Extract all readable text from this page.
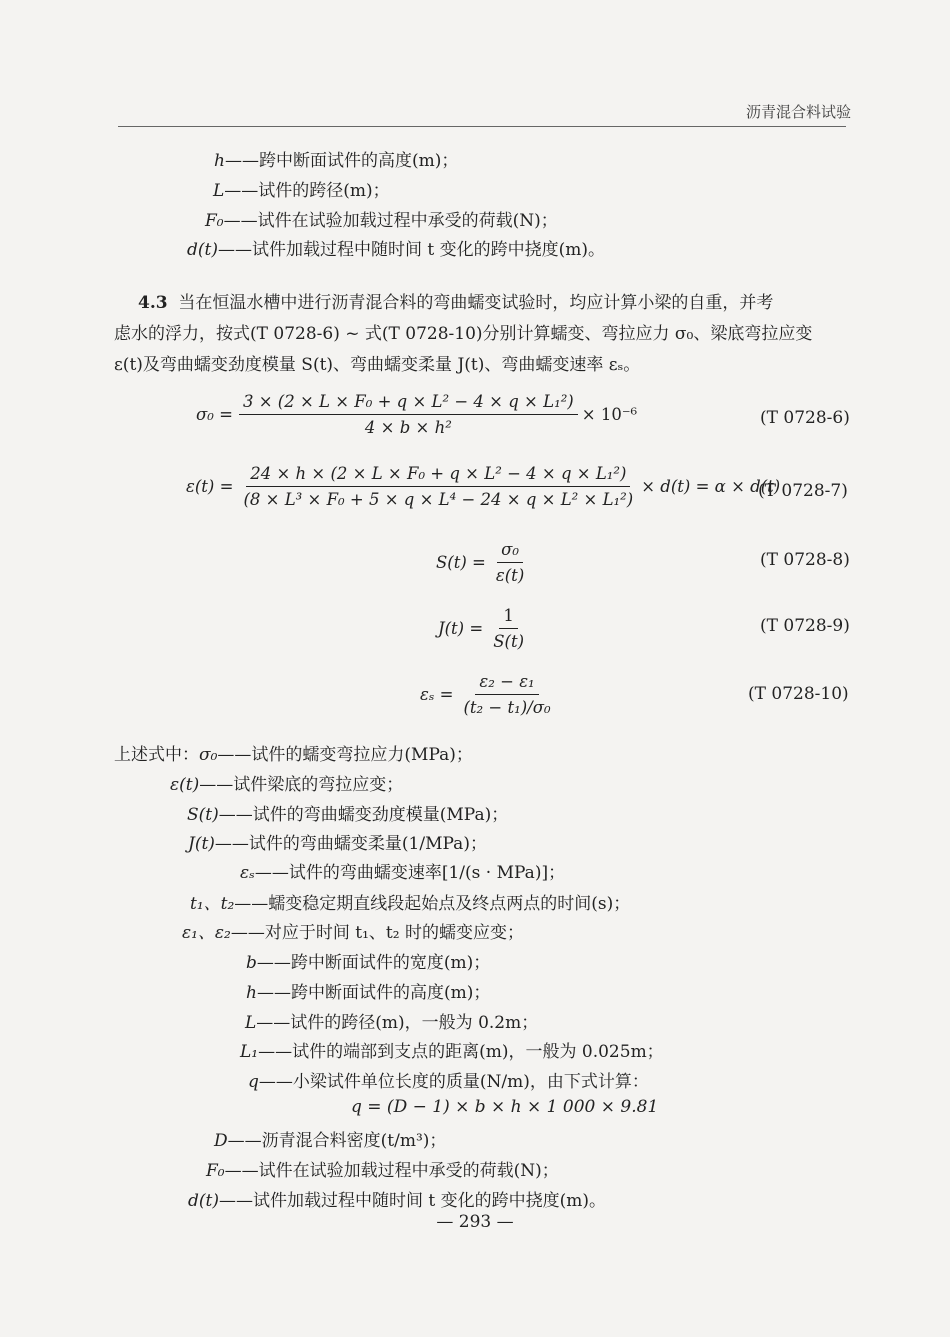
沥青混合料试验
h——跨中断面试件的高度(m)；
L——试件的跨径(m)；
F₀——试件在试验加载过程中承受的荷载(N)；
d(t)——试件加载过程中随时间 t 变化的跨中挠度(m)。
4.3 当在恒温水槽中进行沥青混合料的弯曲蠕变试验时，均应计算小梁的自重，并考
虑水的浮力，按式(T 0728-6) ~ 式(T 0728-10)分别计算蠕变、弯拉应力 σ₀、梁底弯拉应变
ε(t)及弯曲蠕变劲度模量 S(t)、弯曲蠕变柔量 J(t)、弯曲蠕变速率 εₛ。
$\sigma_0 = \frac{\text{3 × (2 × L × F₀ + q × L² − 4 × q × L₁²)}}{\text{4 × b × h²}} \times 10^{-6}$	(T 0728-6)
$\varepsilon(t) = \frac{\text{24 × h × (2 × L × F₀ + q × L² − 4 × q × L₁²)}}{\text{(8 × L³ × F₀ + 5 × q × L⁴ − 24 × q × L² × L₁²)}} \times d(t) = \alpha \times d(t)$
(T 0728-7)
$S(t) = \frac{\text{σ₀}}{\varepsilon(t)}$	(T 0728-8)
$J(t) = \frac{1}{S(t)}$	(T 0728-9)
$\varepsilon_s = \frac{\text{ε₂ − ε₁}}{\text{(t₂ − t₁)/σ₀}}$	(T 0728-10)
上述式中：σ₀——试件的蠕变弯拉应力(MPa)；
ε(t)——试件梁底的弯拉应变；
S(t)——试件的弯曲蠕变劲度模量(MPa)；
J(t)——试件的弯曲蠕变柔量(1/MPa)；
εₛ——试件的弯曲蠕变速率[1/(s · MPa)]；
t₁、t₂——蠕变稳定期直线段起始点及终点两点的时间(s)；
ε₁、ε₂——对应于时间 t₁、t₂ 时的蠕变应变；
b——跨中断面试件的宽度(m)；
h——跨中断面试件的高度(m)；
L——试件的跨径(m)，一般为 0.2m；
L₁——试件的端部到支点的距离(m)，一般为 0.025m；
q——小梁试件单位长度的质量(N/m)，由下式计算：
q = (D − 1) × b × h × 1 000 × 9.81
D——沥青混合料密度(t/m³)；
F₀——试件在试验加载过程中承受的荷载(N)；
d(t)——试件加载过程中随时间 t 变化的跨中挠度(m)。
— 293 —
